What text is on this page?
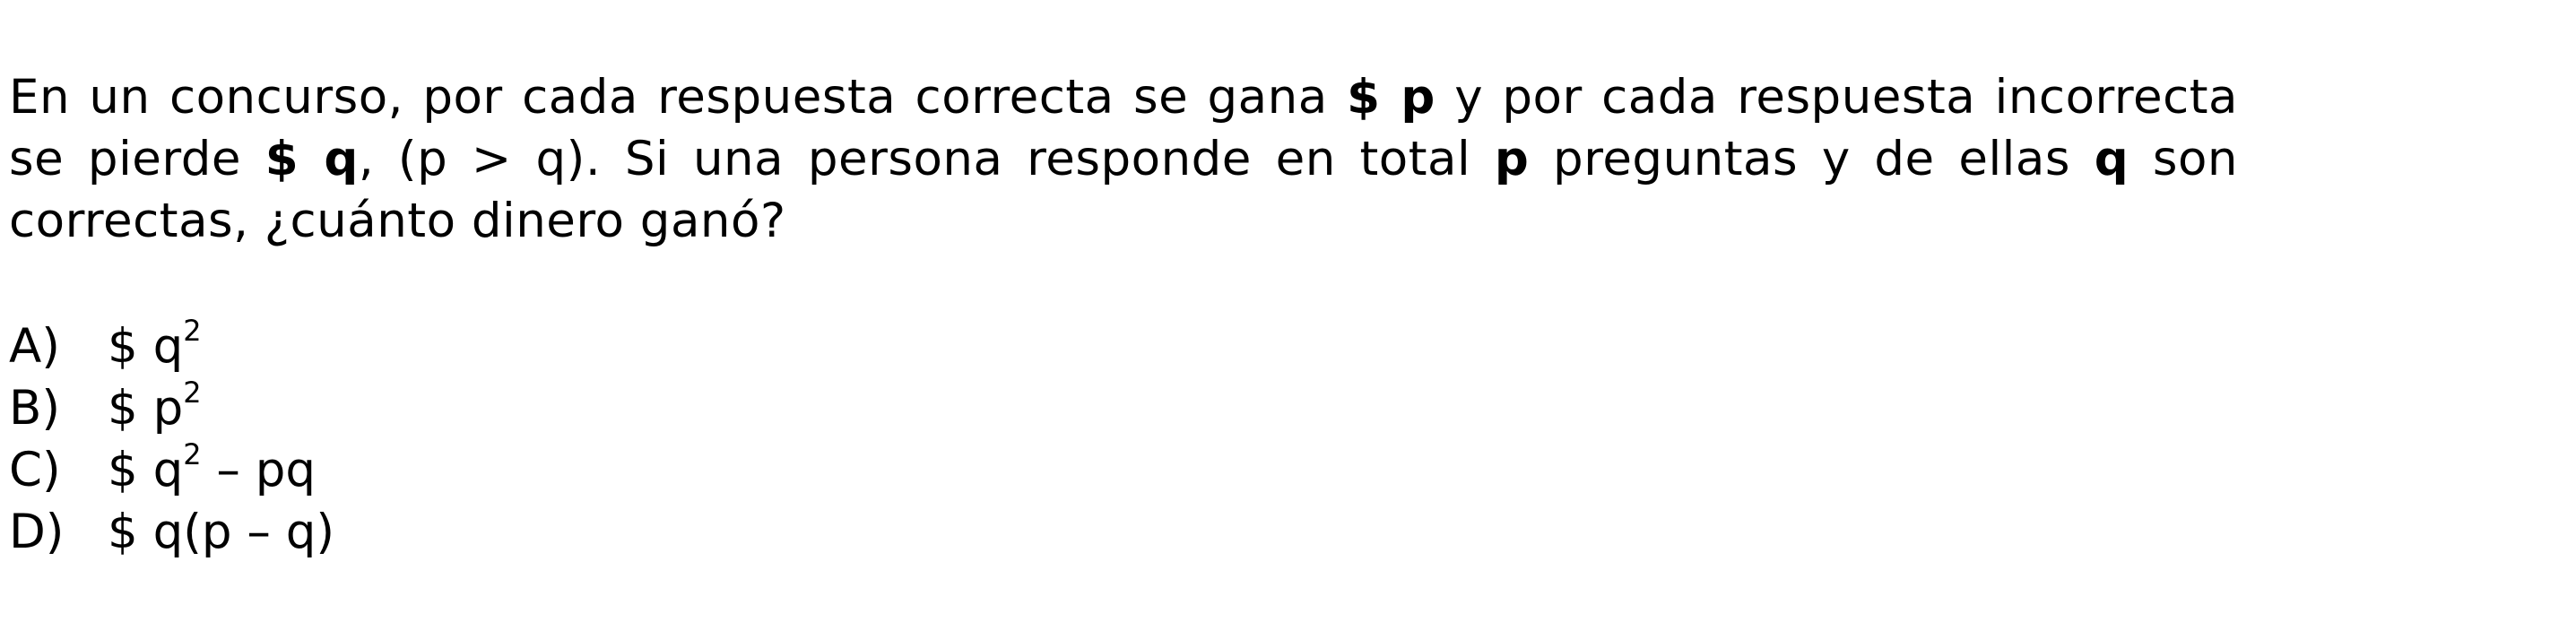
En un concurso, por cada respuesta correcta se gana $ p y por cada respuesta incorrecta se pierde $ q, (p > q). Si una persona responde en total p preguntas y de ellas q son correctas, ¿cuánto dinero ganó?

A)	$ $q^2$
B) $ $p^2$
C) $ $q^2$ – pq
D) $ q(p – q)
